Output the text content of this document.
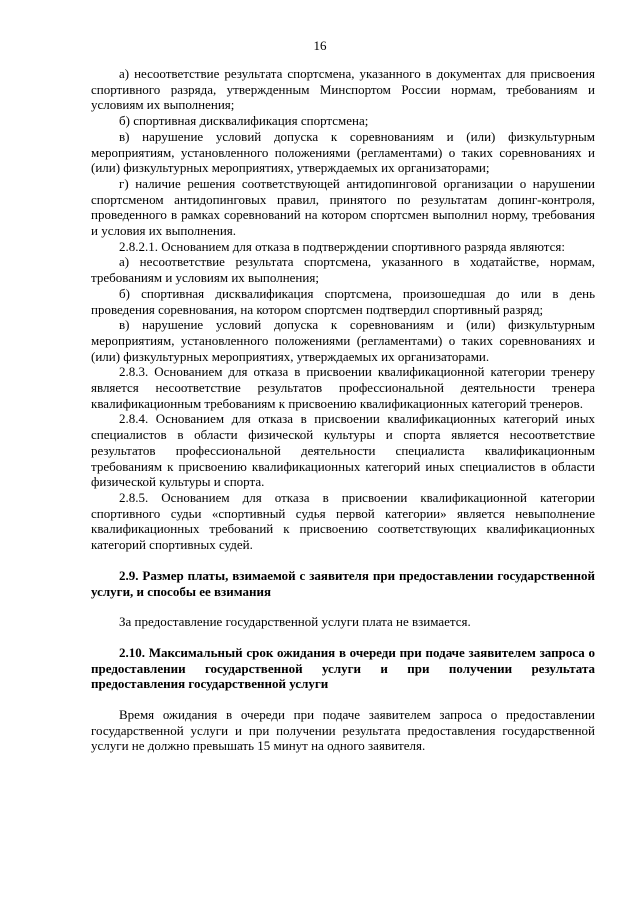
16

а) несоответствие результата спортсмена, указанного в документах для присвоения спортивного разряда, утвержденным Минспортом России нормам, требованиям и условиям их выполнения;

б) спортивная дисквалификация спортсмена;

в) нарушение условий допуска к соревнованиям и (или) физкультурным мероприятиям, установленного положениями (регламентами) о таких соревнованиях и (или) физкультурных мероприятиях, утверждаемых их организаторами;

г) наличие решения соответствующей антидопинговой организации о нарушении спортсменом антидопинговых правил, принятого по результатам допинг-контроля, проведенного в рамках соревнований на котором спортсмен выполнил норму, требования и условия их выполнения.

2.8.2.1. Основанием для отказа в подтверждении спортивного разряда являются:

а) несоответствие результата спортсмена, указанного в ходатайстве, нормам, требованиям и условиям их выполнения;

б) спортивная дисквалификация спортсмена, произошедшая до или в день проведения соревнования, на котором спортсмен подтвердил спортивный разряд;

в) нарушение условий допуска к соревнованиям и (или) физкультурным мероприятиям, установленного положениями (регламентами) о таких соревнованиях и (или) физкультурных мероприятиях, утверждаемых их организаторами.

2.8.3. Основанием для отказа в присвоении квалификационной категории тренеру является несоответствие результатов профессиональной деятельности тренера квалификационным требованиям к присвоению квалификационных категорий тренеров.

2.8.4. Основанием для отказа в присвоении квалификационных категорий иных специалистов в области физической культуры и спорта является несоответствие результатов профессиональной деятельности специалиста квалификационным требованиям к присвоению квалификационных категорий иных специалистов в области физической культуры и спорта.

2.8.5. Основанием для отказа в присвоении квалификационной категории спортивного судьи «спортивный судья первой категории» является невыполнение квалификационных требований к присвоению соответствующих квалификационных категорий спортивных судей.

2.9. Размер платы, взимаемой с заявителя при предоставлении государственной услуги, и способы ее взимания

За предоставление государственной услуги плата не взимается.

2.10. Максимальный срок ожидания в очереди при подаче заявителем запроса о предоставлении государственной услуги и при получении результата предоставления государственной услуги

Время ожидания в очереди при подаче заявителем запроса о предоставлении государственной услуги и при получении результата предоставления государственной услуги не должно превышать 15 минут на одного заявителя.
